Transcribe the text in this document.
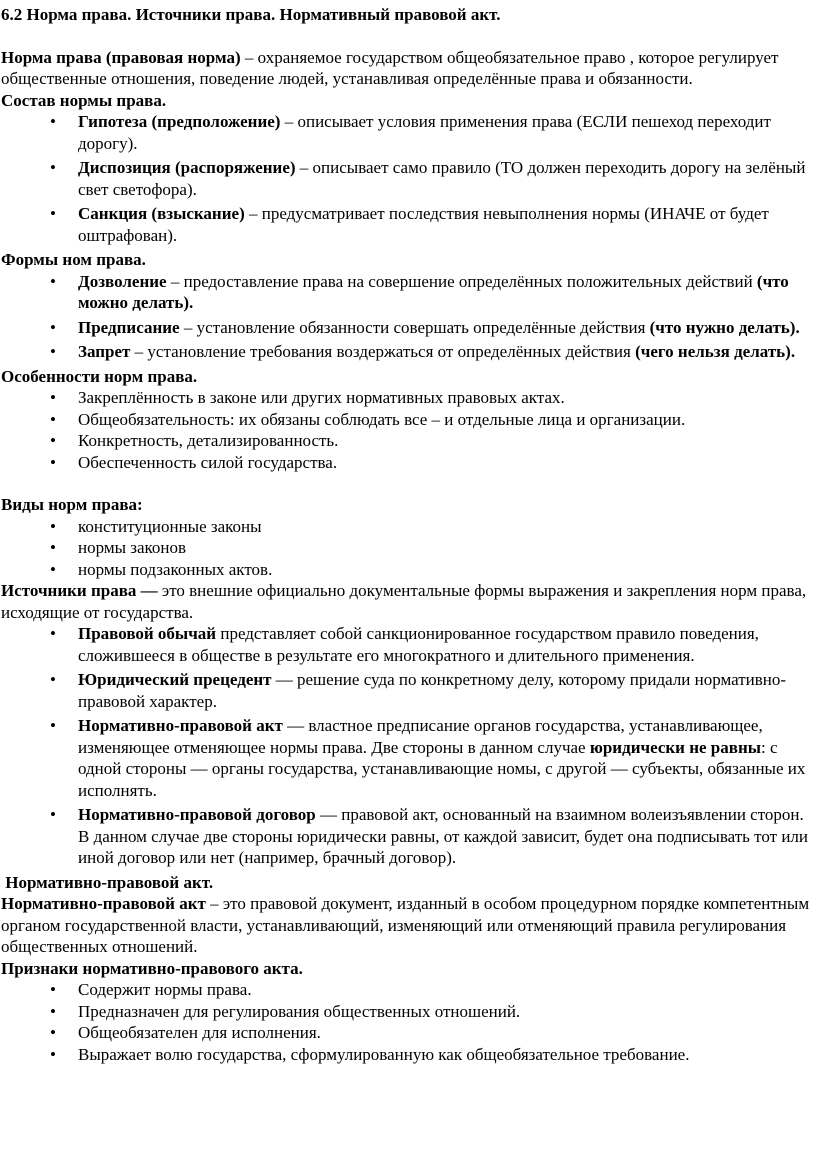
6.2 Норма права. Источники права. Нормативный правовой акт.

Норма права (правовая норма) – охраняемое государством общеобязательное право , которое регулирует общественные отношения, поведение людей, устанавливая определённые права и обязанности.

Состав нормы права.

• Гипотеза (предположение) – описывает условия применения права (ЕСЛИ пешеход переходит дорогу).
• Диспозиция (распоряжение) – описывает само правило (ТО должен переходить дорогу на зелёный свет светофора).
• Санкция (взыскание) – предусматривает последствия невыполнения нормы (ИНАЧЕ от будет оштрафован).

Формы ном права.

• Дозволение – предоставление права на совершение определённых положительных действий (что можно делать).
• Предписание – установление обязанности совершать определённые действия (что нужно делать).
• Запрет – установление требования воздержаться от определённых действия (чего нельзя делать).

Особенности норм права.

• Закреплённость в законе или других нормативных правовых актах.
• Общеобязательность: их обязаны соблюдать все – и отдельные лица и организации.
• Конкретность, детализированность.
• Обеспеченность силой государства.

Виды норм права:

• конституционные законы
• нормы законов
• нормы подзаконных актов.

Источники права — это внешние официально документальные формы выражения и закрепления норм права, исходящие от государства.

• Правовой обычай представляет собой санкционированное государством правило поведения, сложившееся в обществе в результате его многократного и длительного применения.
• Юридический прецедент — решение суда по конкретному делу, которому придали нормативно-правовой характер.
• Нормативно-правовой акт — властное предписание органов государства, устанавливающее, изменяющее отменяющее нормы права. Две стороны в данном случае юридически не равны: с одной стороны — органы государства, устанавливающие номы, с другой — субъекты, обязанные их исполнять.
• Нормативно-правовой договор — правовой акт, основанный на взаимном волеизъявлении сторон. В данном случае две стороны юридически равны, от каждой зависит, будет она подписывать тот или иной договор или нет (например, брачный договор).

Нормативно-правовой акт.

Нормативно-правовой акт – это правовой документ, изданный в особом процедурном порядке компетентным органом государственной власти, устанавливающий, изменяющий или отменяющий правила регулирования общественных отношений.

Признаки нормативно-правового акта.

• Содержит нормы права.
• Предназначен для регулирования общественных отношений.
• Общеобязателен для исполнения.
• Выражает волю государства, сформулированную как общеобязательное требование.
